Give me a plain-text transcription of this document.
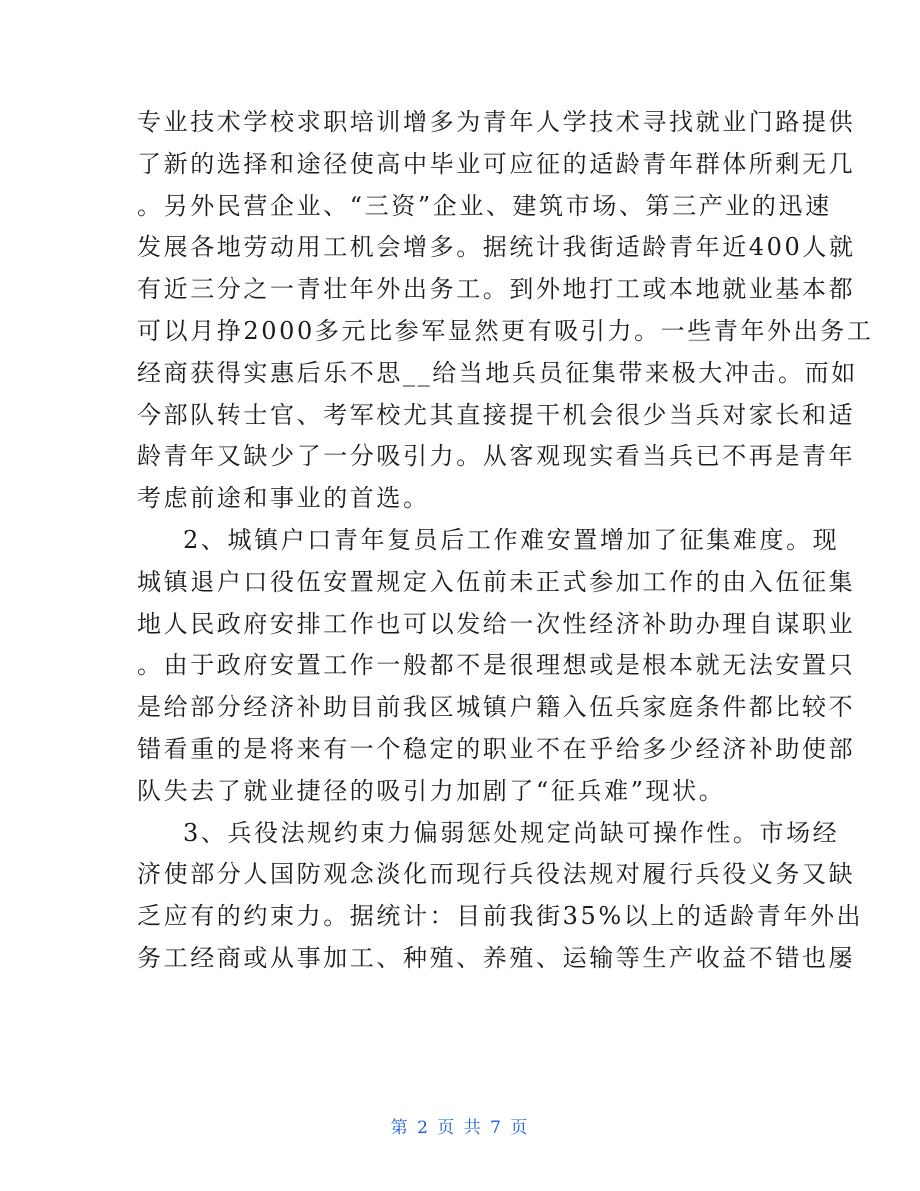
专业技术学校求职培训增多为青年人学技术寻找就业门路提供
了新的选择和途径使高中毕业可应征的适龄青年群体所剩无几
。另外民营企业、“三资”企业、建筑市场、第三产业的迅速
发展各地劳动用工机会增多。据统计我街适龄青年近400人就
有近三分之一青壮年外出务工。到外地打工或本地就业基本都
可以月挣2000多元比参军显然更有吸引力。一些青年外出务工
经商获得实惠后乐不思__给当地兵员征集带来极大冲击。而如
今部队转士官、考军校尤其直接提干机会很少当兵对家长和适
龄青年又缺少了一分吸引力。从客观现实看当兵已不再是青年
考虑前途和事业的首选。
2、城镇户口青年复员后工作难安置增加了征集难度。现
城镇退户口役伍安置规定入伍前未正式参加工作的由入伍征集
地人民政府安排工作也可以发给一次性经济补助办理自谋职业
。由于政府安置工作一般都不是很理想或是根本就无法安置只
是给部分经济补助目前我区城镇户籍入伍兵家庭条件都比较不
错看重的是将来有一个稳定的职业不在乎给多少经济补助使部
队失去了就业捷径的吸引力加剧了“征兵难”现状。
3、兵役法规约束力偏弱惩处规定尚缺可操作性。市场经
济使部分人国防观念淡化而现行兵役法规对履行兵役义务又缺
乏应有的约束力。据统计：目前我街35%以上的适龄青年外出
务工经商或从事加工、种殖、养殖、运输等生产收益不错也屡
第 2 页 共 7 页
